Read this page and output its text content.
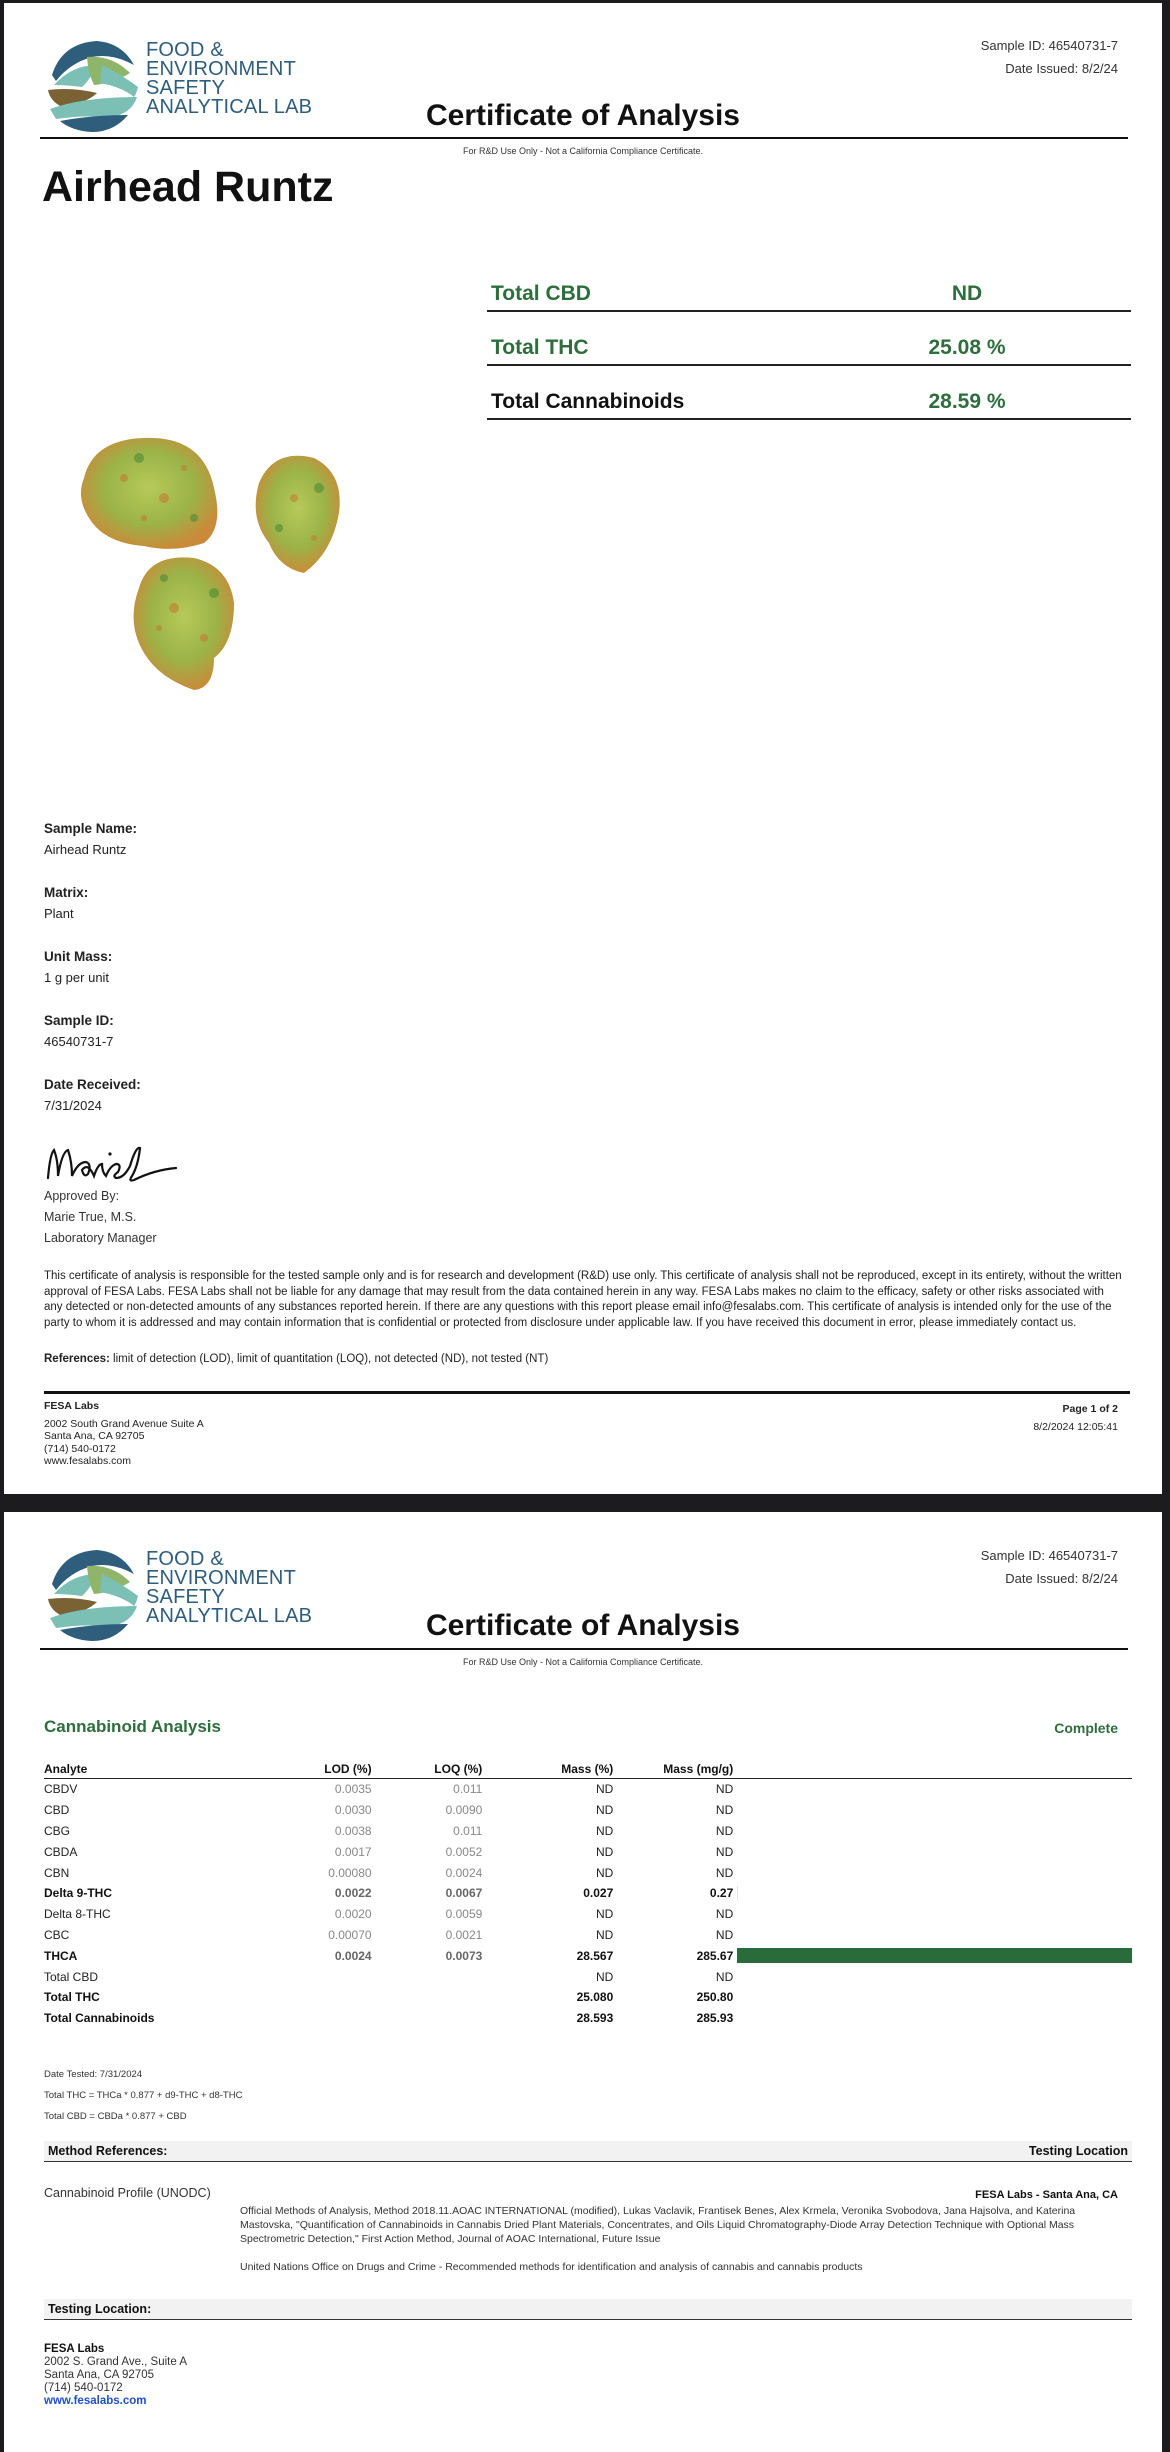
FOOD &
ENVIRONMENT
SAFETY
ANALYTICAL LAB
Sample ID: 46540731-7
Date Issued: 8/2/24
Certificate of Analysis
For R&D Use Only - Not a California Compliance Certificate.
Airhead Runtz
Total CBD	ND
Total THC	25.08 %
Total Cannabinoids	28.59 %
Sample Name:
Airhead Runtz
Matrix:
Plant
Unit Mass:
1 g per unit
Sample ID:
46540731-7
Date Received:
7/31/2024
Approved By:
Marie True, M.S.
Laboratory Manager
This certificate of analysis is responsible for the tested sample only and is for research and development (R&D) use only. This certificate of analysis shall not be reproduced, except in its entirety, without the written approval of FESA Labs. FESA Labs shall not be liable for any damage that may result from the data contained herein in any way. FESA Labs makes no claim to the efficacy, safety or other risks associated with any detected or non-detected amounts of any substances reported herein. If there are any questions with this report please email info@fesalabs.com. This certificate of analysis is intended only for the use of the party to whom it is addressed and may contain information that is confidential or protected from disclosure under applicable law. If you have received this document in error, please immediately contact us.
References: limit of detection (LOD), limit of quantitation (LOQ), not detected (ND), not tested (NT)
FESA Labs
2002 South Grand Avenue Suite A
Santa Ana, CA 92705
(714) 540-0172
www.fesalabs.com
Page 1 of 2
8/2/2024 12:05:41
FOOD &
ENVIRONMENT
SAFETY
ANALYTICAL LAB
Sample ID: 46540731-7
Date Issued: 8/2/24
Certificate of Analysis
For R&D Use Only - Not a California Compliance Certificate.
Cannabinoid Analysis	Complete
Analyte	LOD (%)	LOQ (%)	Mass (%)	Mass (mg/g)	
CBDV	0.0035	0.011	ND	ND	
CBD	0.0030	0.0090	ND	ND	
CBG	0.0038	0.011	ND	ND	
CBDA	0.0017	0.0052	ND	ND	
CBN	0.00080	0.0024	ND	ND	
Delta 9-THC	0.0022	0.0067	0.027	0.27	

Delta 8-THC	0.0020	0.0059	ND	ND	
CBC	0.00070	0.0021	ND	ND	
THCA	0.0024	0.0073	28.567	285.67	

Total CBD			ND	ND	
Total THC			25.080	250.80	
Total Cannabinoids			28.593	285.93	
Date Tested: 7/31/2024
Total THC = THCa * 0.877 + d9-THC + d8-THC
Total CBD = CBDa * 0.877 + CBD
Method References:	Testing Location
Cannabinoid Profile (UNODC)	FESA Labs - Santa Ana, CA
Official Methods of Analysis, Method 2018.11.AOAC INTERNATIONAL (modified), Lukas Vaclavik, Frantisek Benes, Alex Krmela, Veronika Svobodova, Jana Hajsolva, and Katerina Mastovska, "Quantification of Cannabinoids in Cannabis Dried Plant Materials, Concentrates, and Oils Liquid Chromatography-Diode Array Detection Technique with Optional Mass Spectrometric Detection," First Action Method, Journal of AOAC International, Future Issue
United Nations Office on Drugs and Crime - Recommended methods for identification and analysis of cannabis and cannabis products
Testing Location:
FESA Labs
2002 S. Grand Ave., Suite A
Santa Ana, CA 92705
(714) 540-0172
www.fesalabs.com
